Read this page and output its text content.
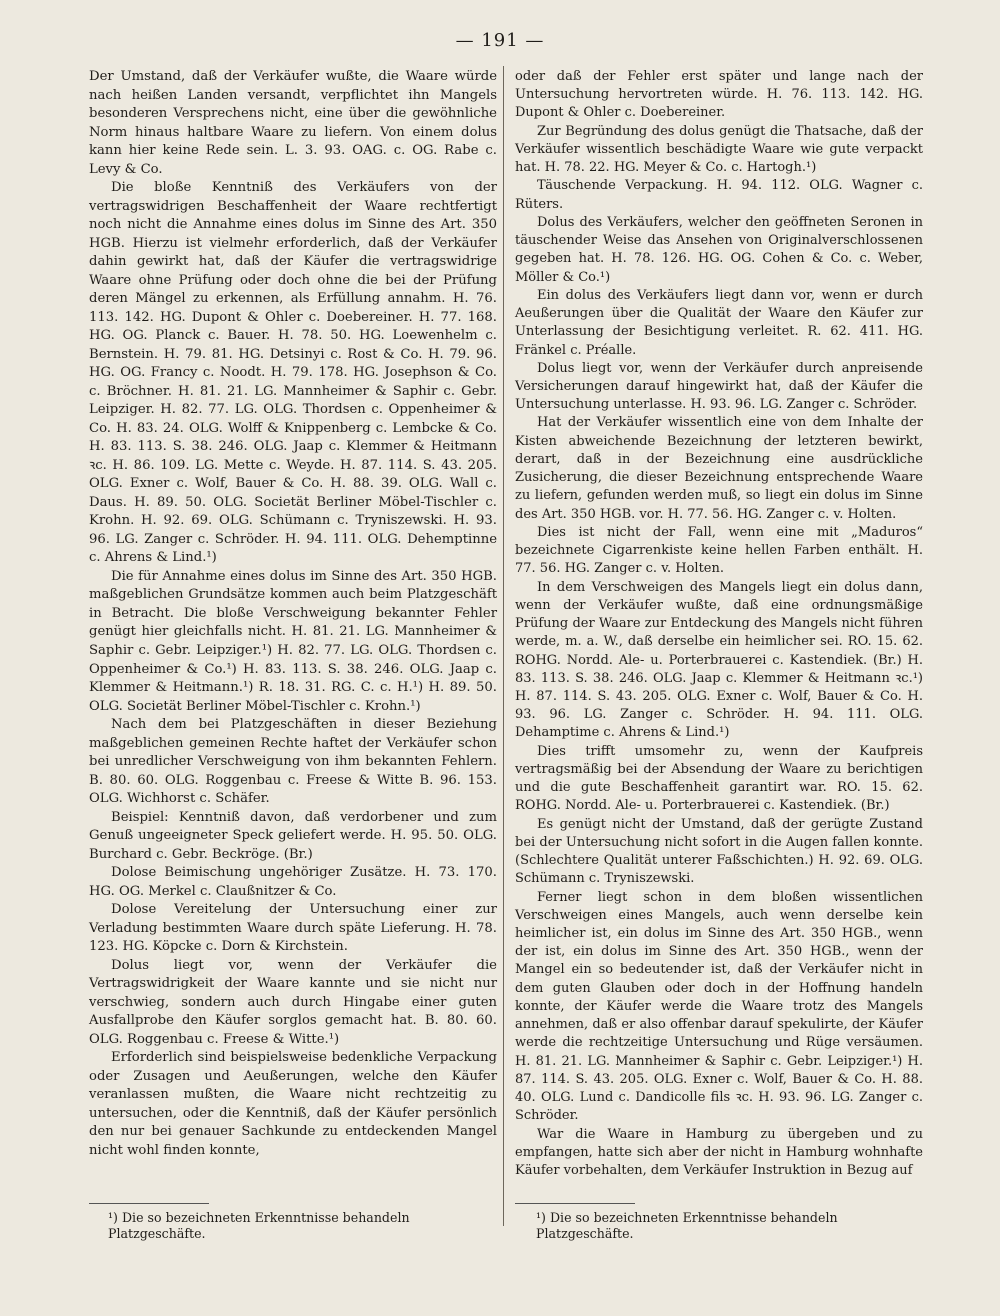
— 191 —

Der Umstand, daß der Verkäufer wußte, die Waare würde nach heißen Landen versandt, verpflichtet ihn Mangels besonderen Versprechens nicht, eine über die gewöhnliche Norm hinaus haltbare Waare zu liefern. Von einem dolus kann hier keine Rede sein. L. 3. 93. OAG. c. OG. Rabe c. Levy & Co.

Die bloße Kenntniß des Verkäufers von der vertragswidrigen Beschaffenheit der Waare rechtfertigt noch nicht die Annahme eines dolus im Sinne des Art. 350 HGB. Hierzu ist vielmehr erforderlich, daß der Verkäufer dahin gewirkt hat, daß der Käufer die vertragswidrige Waare ohne Prüfung oder doch ohne die bei der Prüfung deren Mängel zu erkennen, als Erfüllung annahm. H. 76. 113. 142. HG. Dupont & Ohler c. Doebereiner. H. 77. 168. HG. OG. Planck c. Bauer. H. 78. 50. HG. Loewenhelm c. Bernstein. H. 79. 81. HG. Detsinyi c. Rost & Co. H. 79. 96. HG. OG. Francy c. Noodt. H. 79. 178. HG. Josephson & Co. c. Bröchner. H. 81. 21. LG. Mannheimer & Saphir c. Gebr. Leipziger. H. 82. 77. LG. OLG. Thordsen c. Oppenheimer & Co. H. 83. 24. OLG. Wolff & Knippenberg c. Lembcke & Co. H. 83. 113. S. 38. 246. OLG. Jaap c. Klemmer & Heitmann ꝛc. H. 86. 109. LG. Mette c. Weyde. H. 87. 114. S. 43. 205. OLG. Exner c. Wolf, Bauer & Co. H. 88. 39. OLG. Wall c. Daus. H. 89. 50. OLG. Societät Berliner Möbel-Tischler c. Krohn. H. 92. 69. OLG. Schümann c. Tryniszewski. H. 93. 96. LG. Zanger c. Schröder. H. 94. 111. OLG. Dehemptinne c. Ahrens & Lind.¹)

Die für Annahme eines dolus im Sinne des Art. 350 HGB. maßgeblichen Grundsätze kommen auch beim Platzgeschäft in Betracht. Die bloße Verschweigung bekannter Fehler genügt hier gleichfalls nicht. H. 81. 21. LG. Mannheimer & Saphir c. Gebr. Leipziger.¹) H. 82. 77. LG. OLG. Thordsen c. Oppenheimer & Co.¹) H. 83. 113. S. 38. 246. OLG. Jaap c. Klemmer & Heitmann.¹) R. 18. 31. RG. C. c. H.¹) H. 89. 50. OLG. Societät Berliner Möbel-Tischler c. Krohn.¹)

Nach dem bei Platzgeschäften in dieser Beziehung maßgeblichen gemeinen Rechte haftet der Verkäufer schon bei unredlicher Verschweigung von ihm bekannten Fehlern. B. 80. 60. OLG. Roggenbau c. Freese & Witte B. 96. 153. OLG. Wichhorst c. Schäfer.

Beispiel: Kenntniß davon, daß verdorbener und zum Genuß ungeeigneter Speck geliefert werde. H. 95. 50. OLG. Burchard c. Gebr. Beckröge. (Br.)

Dolose Beimischung ungehöriger Zusätze. H. 73. 170. HG. OG. Merkel c. Claußnitzer & Co.

Dolose Vereitelung der Untersuchung einer zur Verladung bestimmten Waare durch späte Lieferung. H. 78. 123. HG. Köpcke c. Dorn & Kirchstein.

Dolus liegt vor, wenn der Verkäufer die Vertragswidrigkeit der Waare kannte und sie nicht nur verschwieg, sondern auch durch Hingabe einer guten Ausfallprobe den Käufer sorglos gemacht hat. B. 80. 60. OLG. Roggenbau c. Freese & Witte.¹)

Erforderlich sind beispielsweise bedenkliche Verpackung oder Zusagen und Aeußerungen, welche den Käufer veranlassen mußten, die Waare nicht rechtzeitig zu untersuchen, oder die Kenntniß, daß der Käufer persönlich den nur bei genauer Sachkunde zu entdeckenden Mangel nicht wohl finden konnte,

oder daß der Fehler erst später und lange nach der Untersuchung hervortreten würde. H. 76. 113. 142. HG. Dupont & Ohler c. Doebereiner.

Zur Begründung des dolus genügt die Thatsache, daß der Verkäufer wissentlich beschädigte Waare wie gute verpackt hat. H. 78. 22. HG. Meyer & Co. c. Hartogh.¹)

Täuschende Verpackung. H. 94. 112. OLG. Wagner c. Rüters.

Dolus des Verkäufers, welcher den geöffneten Seronen in täuschender Weise das Ansehen von Originalverschlossenen gegeben hat. H. 78. 126. HG. OG. Cohen & Co. c. Weber, Möller & Co.¹)

Ein dolus des Verkäufers liegt dann vor, wenn er durch Aeußerungen über die Qualität der Waare den Käufer zur Unterlassung der Besichtigung verleitet. R. 62. 411. HG. Fränkel c. Préalle.

Dolus liegt vor, wenn der Verkäufer durch anpreisende Versicherungen darauf hingewirkt hat, daß der Käufer die Untersuchung unterlasse. H. 93. 96. LG. Zanger c. Schröder.

Hat der Verkäufer wissentlich eine von dem Inhalte der Kisten abweichende Bezeichnung der letzteren bewirkt, derart, daß in der Bezeichnung eine ausdrückliche Zusicherung, die dieser Bezeichnung entsprechende Waare zu liefern, gefunden werden muß, so liegt ein dolus im Sinne des Art. 350 HGB. vor. H. 77. 56. HG. Zanger c. v. Holten.

Dies ist nicht der Fall, wenn eine mit „Maduros“ bezeichnete Cigarrenkiste keine hellen Farben enthält. H. 77. 56. HG. Zanger c. v. Holten.

In dem Verschweigen des Mangels liegt ein dolus dann, wenn der Verkäufer wußte, daß eine ordnungsmäßige Prüfung der Waare zur Entdeckung des Mangels nicht führen werde, m. a. W., daß derselbe ein heimlicher sei. RO. 15. 62. ROHG. Nordd. Ale- u. Porterbrauerei c. Kastendiek. (Br.) H. 83. 113. S. 38. 246. OLG. Jaap c. Klemmer & Heitmann ꝛc.¹) H. 87. 114. S. 43. 205. OLG. Exner c. Wolf, Bauer & Co. H. 93. 96. LG. Zanger c. Schröder. H. 94. 111. OLG. Dehamptime c. Ahrens & Lind.¹)

Dies trifft umsomehr zu, wenn der Kaufpreis vertragsmäßig bei der Absendung der Waare zu berichtigen und die gute Beschaffenheit garantirt war. RO. 15. 62. ROHG. Nordd. Ale- u. Porterbrauerei c. Kastendiek. (Br.)

Es genügt nicht der Umstand, daß der gerügte Zustand bei der Untersuchung nicht sofort in die Augen fallen konnte. (Schlechtere Qualität unterer Faßschichten.) H. 92. 69. OLG. Schümann c. Tryniszewski.

Ferner liegt schon in dem bloßen wissentlichen Verschweigen eines Mangels, auch wenn derselbe kein heimlicher ist, ein dolus im Sinne des Art. 350 HGB., wenn der ist, ein dolus im Sinne des Art. 350 HGB., wenn der Mangel ein so bedeutender ist, daß der Verkäufer nicht in dem guten Glauben oder doch in der Hoffnung handeln konnte, der Käufer werde die Waare trotz des Mangels annehmen, daß er also offenbar darauf spekulirte, der Käufer werde die rechtzeitige Untersuchung und Rüge versäumen. H. 81. 21. LG. Mannheimer & Saphir c. Gebr. Leipziger.¹) H. 87. 114. S. 43. 205. OLG. Exner c. Wolf, Bauer & Co. H. 88. 40. OLG. Lund c. Dandicolle fils ꝛc. H. 93. 96. LG. Zanger c. Schröder.

War die Waare in Hamburg zu übergeben und zu empfangen, hatte sich aber der nicht in Hamburg wohnhafte Käufer vorbehalten, dem Verkäufer Instruktion in Bezug auf

¹) Die so bezeichneten Erkenntnisse behandeln Platzgeschäfte.
¹) Die so bezeichneten Erkenntnisse behandeln Platzgeschäfte.
